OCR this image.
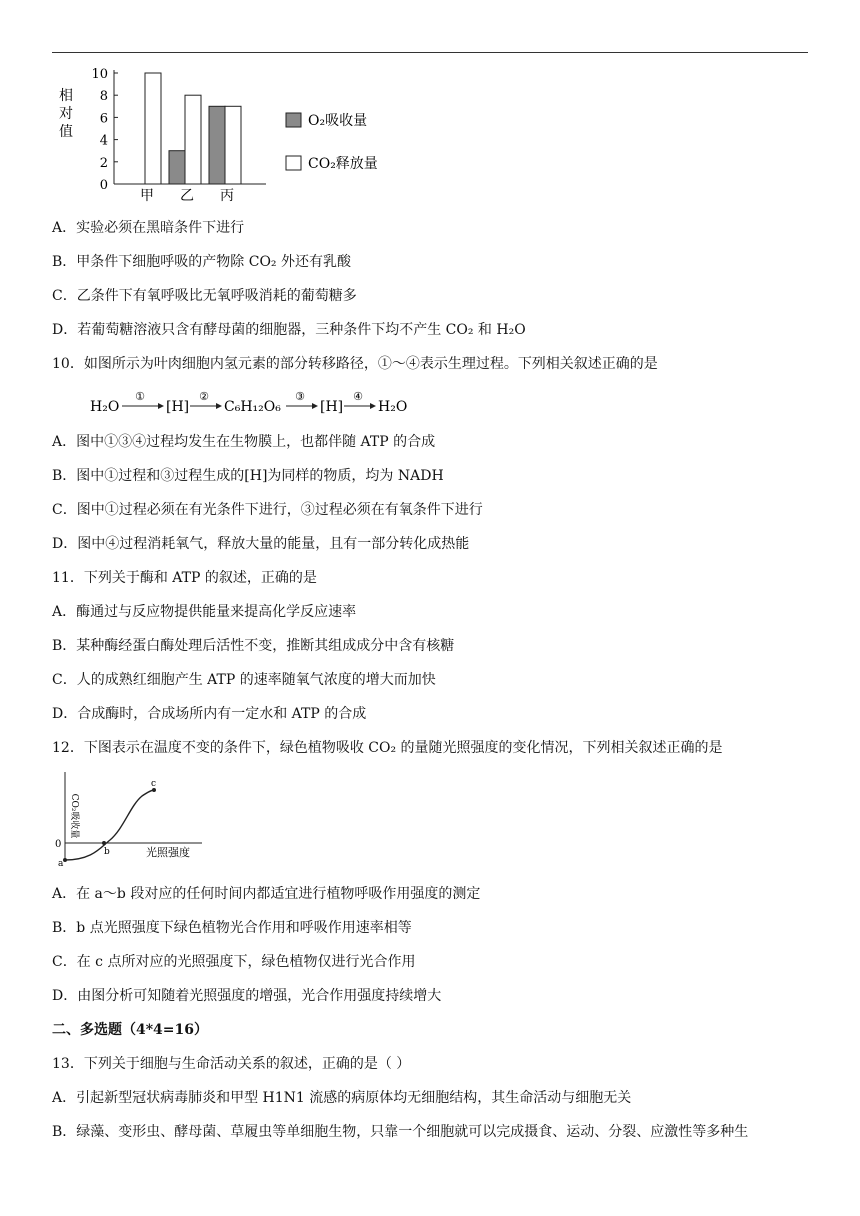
相
对
值
10
8
6
4
2
0
甲 乙 丙
O₂吸收量
CO₂释放量
A．实验必须在黑暗条件下进行
B．甲条件下细胞呼吸的产物除 CO₂ 外还有乳酸
C．乙条件下有氧呼吸比无氧呼吸消耗的葡萄糖多
D．若葡萄糖溶液只含有酵母菌的细胞器，三种条件下均不产生 CO₂ 和 H₂O
10．如图所示为叶肉细胞内氢元素的部分转移路径，①～④表示生理过程。下列相关叙述正确的是
H₂O
①
[H]
②
C₆H₁₂O₆
③
[H]
④
H₂O
A．图中①③④过程均发生在生物膜上，也都伴随 ATP 的合成
B．图中①过程和③过程生成的[H]为同样的物质，均为 NADH
C．图中①过程必须在有光条件下进行，③过程必须在有氧条件下进行
D．图中④过程消耗氧气，释放大量的能量，且有一部分转化成热能
11．下列关于酶和 ATP 的叙述，正确的是
A．酶通过与反应物提供能量来提高化学反应速率
B．某种酶经蛋白酶处理后活性不变，推断其组成成分中含有核糖
C．人的成熟红细胞产生 ATP 的速率随氧气浓度的增大而加快
D．合成酶时，合成场所内有一定水和 ATP 的合成
12．下图表示在温度不变的条件下，绿色植物吸收 CO₂ 的量随光照强度的变化情况，下列相关叙述正确的是
CO₂吸收量
0
a
b
c
光照强度
A．在 a～b 段对应的任何时间内都适宜进行植物呼吸作用强度的测定
B．b 点光照强度下绿色植物光合作用和呼吸作用速率相等
C．在 c 点所对应的光照强度下，绿色植物仅进行光合作用
D．由图分析可知随着光照强度的增强，光合作用强度持续增大
二、多选题（4*4=16）
13．下列关于细胞与生命活动关系的叙述，正确的是（ ）
A．引起新型冠状病毒肺炎和甲型 H1N1 流感的病原体均无细胞结构，其生命活动与细胞无关
B．绿藻、变形虫、酵母菌、草履虫等单细胞生物，只靠一个细胞就可以完成摄食、运动、分裂、应激性等多种生
